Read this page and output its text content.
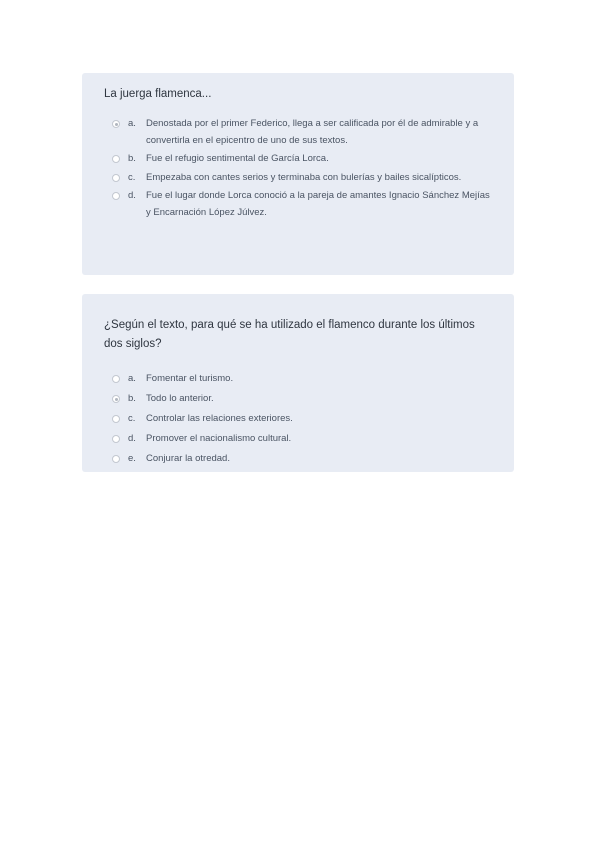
La juerga flamenca...

a.	Denostada por el primer Federico, llega a ser calificada por él de admirable y a convertirla en el epicentro de uno de sus textos.
b.	Fue el refugio sentimental de García Lorca.
c.	Empezaba con cantes serios y terminaba con bulerías y bailes sicalípticos.
d.	Fue el lugar donde Lorca conoció a la pareja de amantes Ignacio Sánchez Mejías y Encarnación López Júlvez.

¿Según el texto, para qué se ha utilizado el flamenco durante los últimos dos siglos?

a.	Fomentar el turismo.
b.	Todo lo anterior.
c.	Controlar las relaciones exteriores.
d.	Promover el nacionalismo cultural.
e.	Conjurar la otredad.
